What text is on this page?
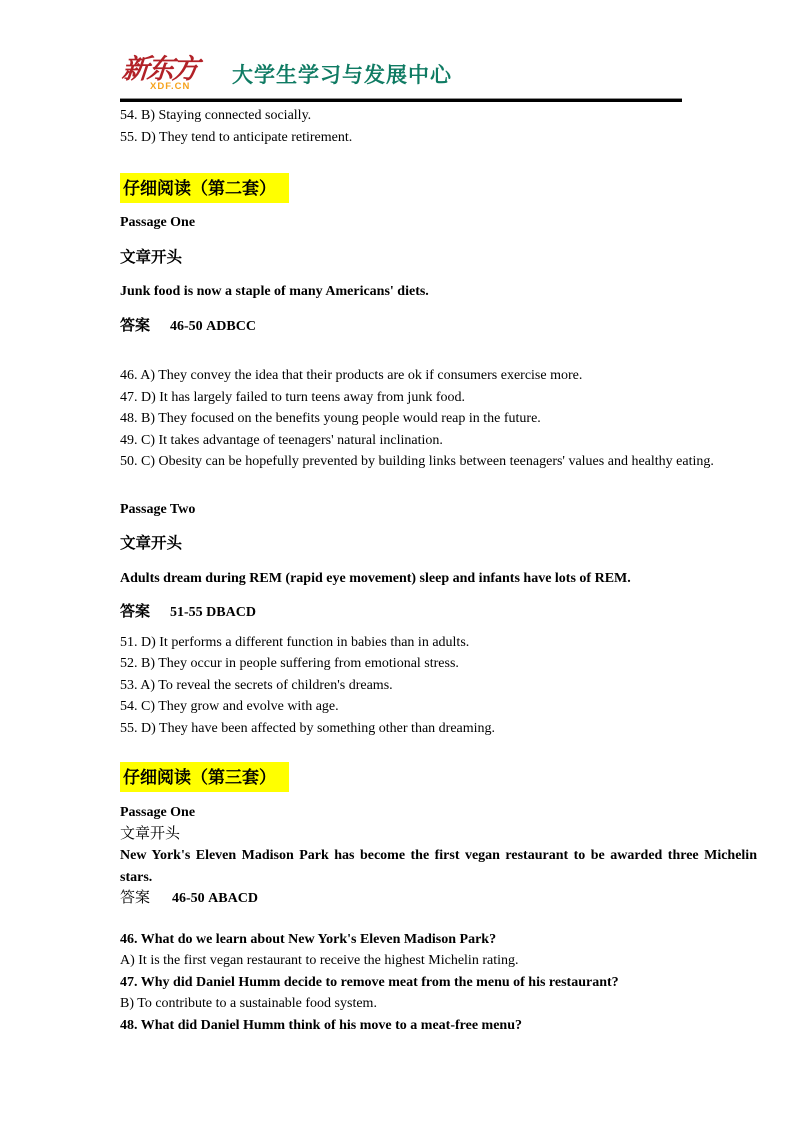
新东方
XDF.CN	大学生学习与发展中心

54. B) Staying connected socially.

55. D) They tend to anticipate retirement.

仔细阅读（第二套）

Passage One

文章开头

Junk food is now a staple of many Americans' diets.

答案 46-50 ADBCC

46. A) They convey the idea that their products are ok if consumers exercise more.

47. D) It has largely failed to turn teens away from junk food.

48. B) They focused on the benefits young people would reap in the future.

49. C) It takes advantage of teenagers' natural inclination.

50. C) Obesity can be hopefully prevented by building links between teenagers' values and healthy eating.

Passage Two

文章开头

Adults dream during REM (rapid eye movement) sleep and infants have lots of REM.

答案 51-55 DBACD

51. D) It performs a different function in babies than in adults.

52. B) They occur in people suffering from emotional stress.

53. A) To reveal the secrets of children's dreams.

54. C) They grow and evolve with age.

55. D) They have been affected by something other than dreaming.

仔细阅读（第三套）

Passage One

文章开头

New York's Eleven Madison Park has become the first vegan restaurant to be awarded three Michelin stars.

答案 46-50 ABACD

46. What do we learn about New York's Eleven Madison Park?

A) It is the first vegan restaurant to receive the highest Michelin rating.

47. Why did Daniel Humm decide to remove meat from the menu of his restaurant?

B) To contribute to a sustainable food system.

48. What did Daniel Humm think of his move to a meat-free menu?
